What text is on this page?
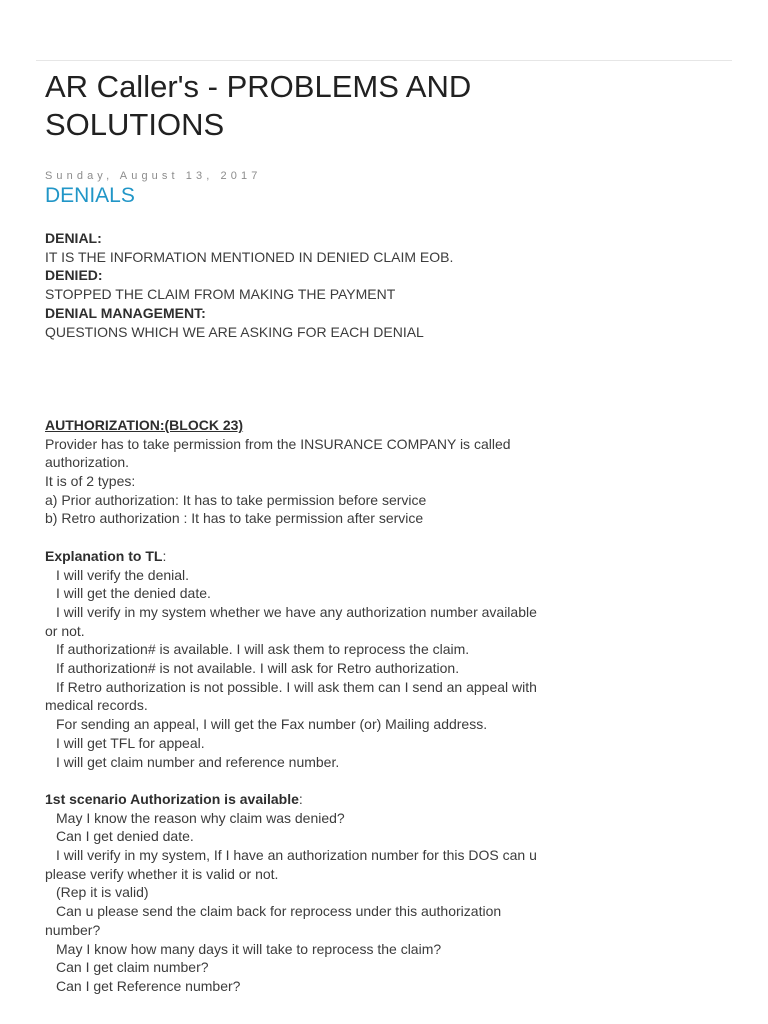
AR Caller's - PROBLEMS AND SOLUTIONS
Sunday, August 13, 2017
DENIALS
DENIAL:
IT IS THE INFORMATION MENTIONED IN DENIED CLAIM EOB.
DENIED:
STOPPED THE CLAIM FROM MAKING THE PAYMENT
DENIAL MANAGEMENT:
QUESTIONS WHICH WE ARE ASKING FOR EACH DENIAL
AUTHORIZATION:(BLOCK 23)
Provider has to take permission from the INSURANCE COMPANY is called
authorization.
It is of 2 types:
a) Prior authorization: It has to take permission before service
b) Retro authorization : It has to take permission after service
Explanation to TL:
I will verify the denial.
I will get the denied date.
I will verify in my system whether we have any authorization number available
or not.
If authorization# is available. I will ask them to reprocess the claim.
If authorization# is not available. I will ask for Retro authorization.
If Retro authorization is not possible. I will ask them can I send an appeal with
medical records.
For sending an appeal, I will get the Fax number (or) Mailing address.
I will get TFL for appeal.
I will get claim number and reference number.
1st scenario Authorization is available:
May I know the reason why claim was denied?
Can I get denied date.
I will verify in my system, If I have an authorization number for this DOS can u
please verify whether it is valid or not.
(Rep it is valid)
Can u please send the claim back for reprocess under this authorization
number?
May I know how many days it will take to reprocess the claim?
Can I get claim number?
Can I get Reference number?
